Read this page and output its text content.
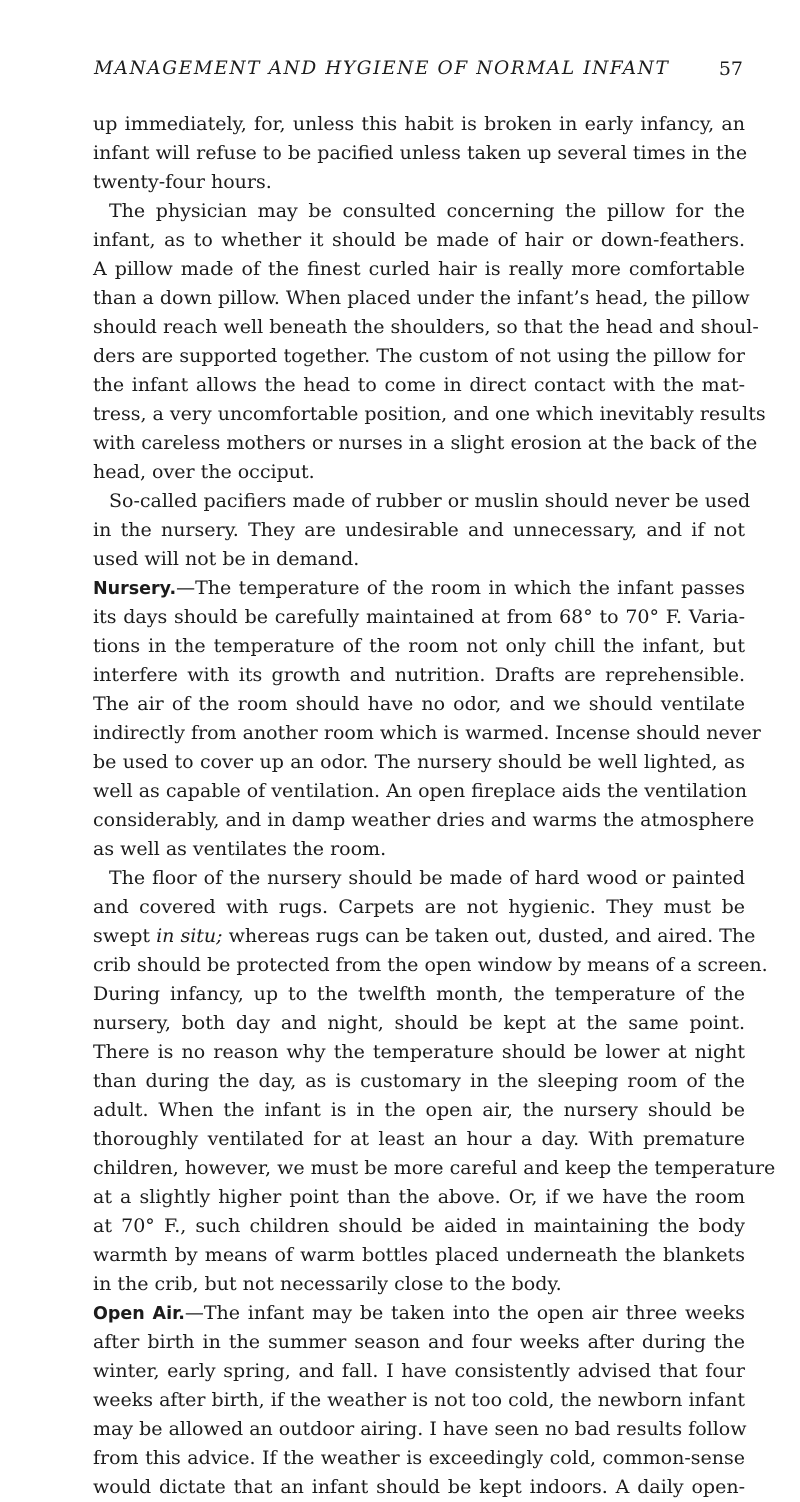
MANAGEMENT AND HYGIENE OF NORMAL INFANT	57
up immediately, for, unless this habit is broken in early infancy, an
infant will refuse to be pacified unless taken up several times in the
twenty-four hours.
The physician may be consulted concerning the pillow for the
infant, as to whether it should be made of hair or down-feathers.
A pillow made of the finest curled hair is really more comfortable
than a down pillow. When placed under the infant’s head, the pillow
should reach well beneath the shoulders, so that the head and shoul-
ders are supported together. The custom of not using the pillow for
the infant allows the head to come in direct contact with the mat-
tress, a very uncomfortable position, and one which inevitably results
with careless mothers or nurses in a slight erosion at the back of the
head, over the occiput.
So-called pacifiers made of rubber or muslin should never be used
in the nursery. They are undesirable and unnecessary, and if not
used will not be in demand.
Nursery.—The temperature of the room in which the infant passes
its days should be carefully maintained at from 68° to 70° F. Varia-
tions in the temperature of the room not only chill the infant, but
interfere with its growth and nutrition. Drafts are reprehensible.
The air of the room should have no odor, and we should ventilate
indirectly from another room which is warmed. Incense should never
be used to cover up an odor. The nursery should be well lighted, as
well as capable of ventilation. An open fireplace aids the ventilation
considerably, and in damp weather dries and warms the atmosphere
as well as ventilates the room.
The floor of the nursery should be made of hard wood or painted
and covered with rugs. Carpets are not hygienic. They must be
swept in situ; whereas rugs can be taken out, dusted, and aired. The
crib should be protected from the open window by means of a screen.
During infancy, up to the twelfth month, the temperature of the
nursery, both day and night, should be kept at the same point.
There is no reason why the temperature should be lower at night
than during the day, as is customary in the sleeping room of the
adult. When the infant is in the open air, the nursery should be
thoroughly ventilated for at least an hour a day. With premature
children, however, we must be more careful and keep the temperature
at a slightly higher point than the above. Or, if we have the room
at 70° F., such children should be aided in maintaining the body
warmth by means of warm bottles placed underneath the blankets
in the crib, but not necessarily close to the body.
Open Air.—The infant may be taken into the open air three weeks
after birth in the summer season and four weeks after during the
winter, early spring, and fall. I have consistently advised that four
weeks after birth, if the weather is not too cold, the newborn infant
may be allowed an outdoor airing. I have seen no bad results follow
from this advice. If the weather is exceedingly cold, common-sense
would dictate that an infant should be kept indoors. A daily open-
